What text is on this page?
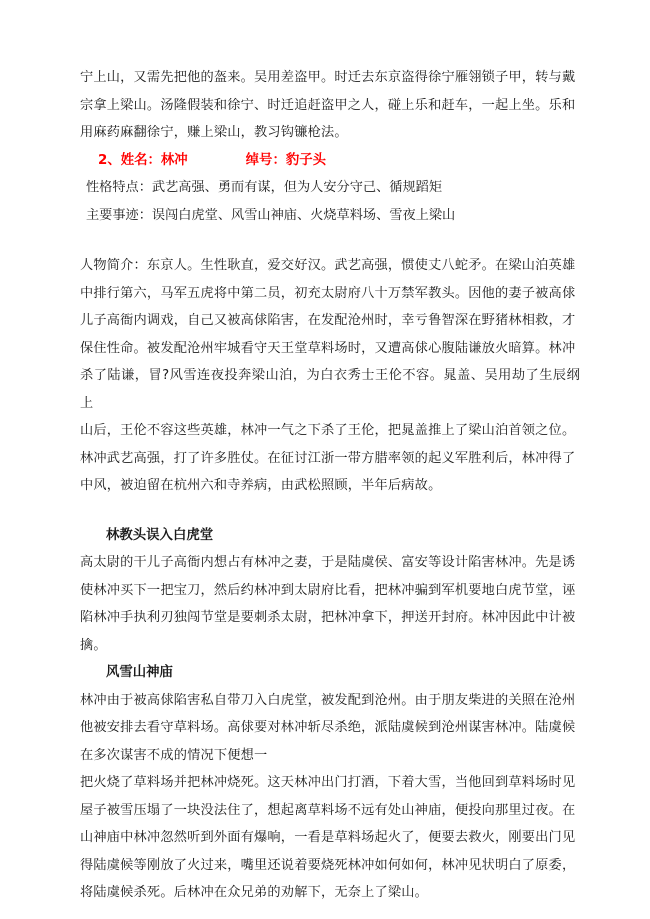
宁上山，又需先把他的盔来。吴用差盗甲。时迁去东京盗得徐宁雁翎锁子甲，转与戴

宗拿上梁山。汤隆假装和徐宁、时迁追赶盗甲之人，碰上乐和赶车，一起上坐。乐和

用麻药麻翻徐宁，赚上梁山，教习钩镰枪法。

2、姓名：林冲	绰号：豹子头

性格特点：武艺高强、勇而有谋，但为人安分守己、循规蹈矩

主要事迹：误闯白虎堂、风雪山神庙、火烧草料场、雪夜上梁山

人物简介：东京人。生性耿直，爱交好汉。武艺高强，惯使丈八蛇矛。在梁山泊英雄

中排行第六，马军五虎将中第二员，初充太尉府八十万禁军教头。因他的妻子被高俅

儿子高衙内调戏，自己又被高俅陷害，在发配沧州时，幸亏鲁智深在野猪林相救，才

保住性命。被发配沧州牢城看守天王堂草料场时，又遭高俅心腹陆谦放火暗算。林冲

杀了陆谦，冒?风雪连夜投奔梁山泊，为白衣秀士王伦不容。晁盖、吴用劫了生辰纲上

山后，王伦不容这些英雄，林冲一气之下杀了王伦，把晁盖推上了梁山泊首领之位。

林冲武艺高强，打了许多胜仗。在征讨江浙一带方腊率领的起义军胜利后，林冲得了

中风，被迫留在杭州六和寺养病，由武松照顾，半年后病故。

林教头误入白虎堂

高太尉的干儿子高衙内想占有林冲之妻，于是陆虞侯、富安等设计陷害林冲。先是诱

使林冲买下一把宝刀，然后约林冲到太尉府比看，把林冲骗到军机要地白虎节堂，诬

陷林冲手执利刃独闯节堂是要刺杀太尉，把林冲拿下，押送开封府。林冲因此中计被

擒。

风雪山神庙

林冲由于被高俅陷害私自带刀入白虎堂，被发配到沧州。由于朋友柴进的关照在沧州

他被安排去看守草料场。高俅要对林冲斩尽杀绝，派陆虞候到沧州谋害林冲。陆虞候

在多次谋害不成的情况下便想一

把火烧了草料场并把林冲烧死。这天林冲出门打酒，下着大雪，当他回到草料场时见

屋子被雪压塌了一块没法住了，想起离草料场不远有处山神庙，便投向那里过夜。在

山神庙中林冲忽然听到外面有爆响，一看是草料场起火了，便要去救火，刚要出门见

得陆虞候等刚放了火过来，嘴里还说着要烧死林冲如何如何，林冲见状明白了原委，

将陆虞候杀死。后林冲在众兄弟的劝解下，无奈上了梁山。
